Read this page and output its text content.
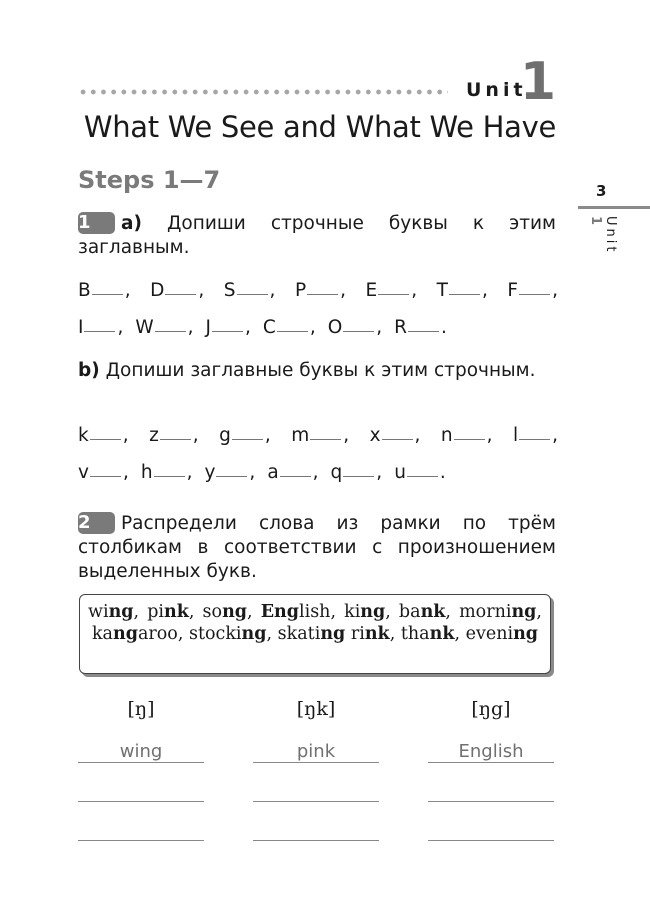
Unit
1
What We See and What We Have
Steps 1—7	3
Unit 1
1 a) Допиши строчные буквы к этим заглавным.
B , D , S , P , E , T , F ,
I , W , J , C , O , R .
b) Допиши заглавные буквы к этим строчным.
k , z , g , m , x , n , l ,
v , h , y , a , q , u .
2 Распредели слова из рамки по трём столбикам в соответствии с произношением выделенных букв.
wing, pink, song, English, king, bank, morning, kangaroo, stocking, skating rink, thank, evening
[ŋ]
wing
[ŋk]
pink
[ŋg]
English
